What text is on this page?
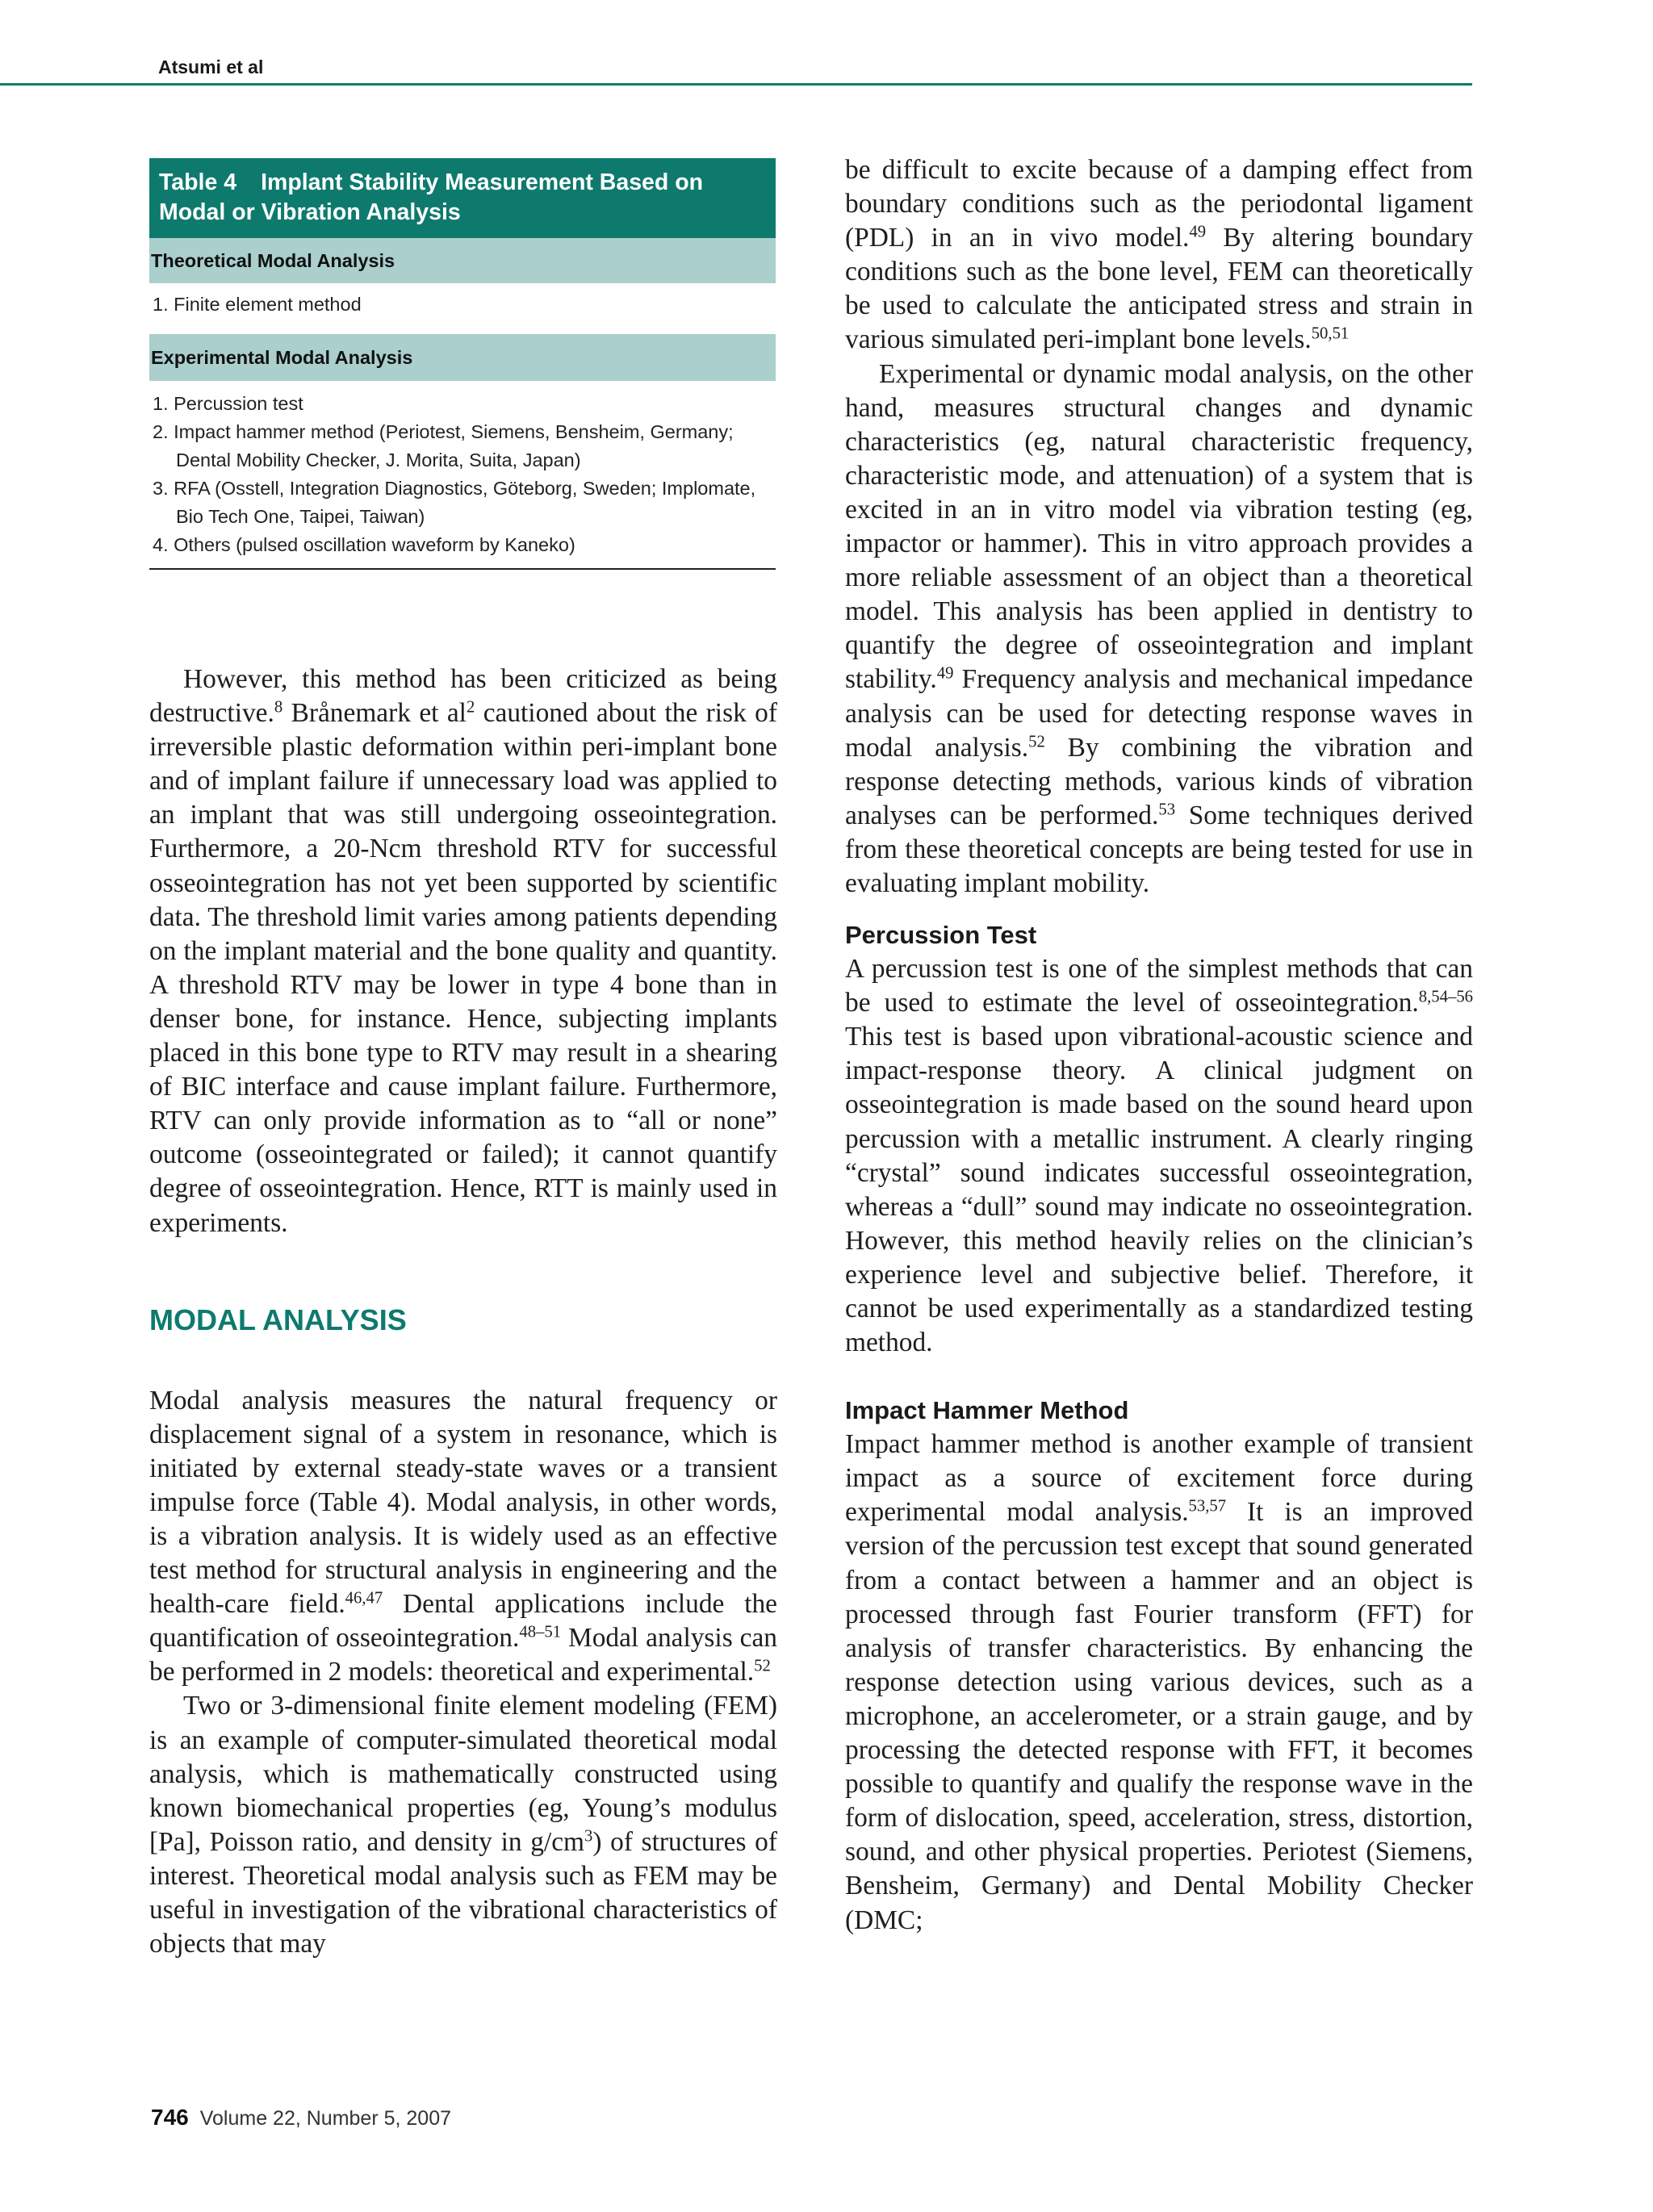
Atsumi et al
Table 4 Implant Stability Measurement Based on Modal or Vibration Analysis
Theoretical Modal Analysis
1. Finite element method
Experimental Modal Analysis
1. Percussion test
2. Impact hammer method (Periotest, Siemens, Bensheim, Germany; Dental Mobility Checker, J. Morita, Suita, Japan)
3. RFA (Osstell, Integration Diagnostics, Göteborg, Sweden; Implomate, Bio Tech One, Taipei, Taiwan)
4. Others (pulsed oscillation waveform by Kaneko)

However, this method has been criticized as being destructive.$^8$ Brånemark et $al^2$ cautioned about the risk of irreversible plastic deformation within peri-implant bone and of implant failure if unnecessary load was applied to an implant that was still undergoing osseointegration. Furthermore, a 20-Ncm threshold RTV for successful osseointegration has not yet been supported by scientific data. The threshold limit varies among patients depending on the implant material and the bone quality and quantity. A threshold RTV may be lower in type 4 bone than in denser bone, for instance. Hence, subjecting implants placed in this bone type to RTV may result in a shearing of BIC interface and cause implant failure. Furthermore, RTV can only provide information as to “all or none” outcome (osseointegrated or failed); it cannot quantify degree of osseointegration. Hence, RTT is mainly used in experiments.

MODAL ANALYSIS

Modal analysis measures the natural frequency or displacement signal of a system in resonance, which is initiated by external steady-state waves or a transient impulse force (Table 4). Modal analysis, in other words, is a vibration analysis. It is widely used as an effective test method for structural analysis in engineering and the health-care field.$^{46,47}$ Dental applications include the quantification of osseointegration.$^{48-51}$ Modal analysis can be performed in 2 models: theoretical and experimental.$^{52}$

Two or 3-dimensional finite element modeling (FEM) is an example of computer-simulated theoretical modal analysis, which is mathematically constructed using known biomechanical properties (eg, Young’s modulus [Pa], Poisson ratio, and density in $g/cm^3$) of structures of interest. Theoretical modal analysis such as FEM may be useful in investigation of the vibrational characteristics of objects that may

be difficult to excite because of a damping effect from boundary conditions such as the periodontal ligament (PDL) in an in vivo model.$^{49}$ By altering boundary conditions such as the bone level, FEM can theoretically be used to calculate the anticipated stress and strain in various simulated peri-implant bone levels.$^{50,51}$

Experimental or dynamic modal analysis, on the other hand, measures structural changes and dynamic characteristics (eg, natural characteristic frequency, characteristic mode, and attenuation) of a system that is excited in an in vitro model via vibration testing (eg, impactor or hammer). This in vitro approach provides a more reliable assessment of an object than a theoretical model. This analysis has been applied in dentistry to quantify the degree of osseointegration and implant stability.$^{49}$ Frequency analysis and mechanical impedance analysis can be used for detecting response waves in modal analysis.$^{52}$ By combining the vibration and response detecting methods, various kinds of vibration analyses can be performed.$^{53}$ Some techniques derived from these theoretical concepts are being tested for use in evaluating implant mobility.

Percussion Test

A percussion test is one of the simplest methods that can be used to estimate the level of osseointegration.$^{8,54-56}$ This test is based upon vibrational-acoustic science and impact-response theory. A clinical judgment on osseointegration is made based on the sound heard upon percussion with a metallic instrument. A clearly ringing “crystal” sound indicates successful osseointegration, whereas a “dull” sound may indicate no osseointegration. However, this method heavily relies on the clinician’s experience level and subjective belief. Therefore, it cannot be used experimentally as a standardized testing method.

Impact Hammer Method

Impact hammer method is another example of transient impact as a source of excitement force during experimental modal analysis.$^{53,57}$ It is an improved version of the percussion test except that sound generated from a contact between a hammer and an object is processed through fast Fourier transform (FFT) for analysis of transfer characteristics. By enhancing the response detection using various devices, such as a microphone, an accelerometer, or a strain gauge, and by processing the detected response with FFT, it becomes possible to quantify and qualify the response wave in the form of dislocation, speed, acceleration, stress, distortion, sound, and other physical properties. Periotest (Siemens, Bensheim, Germany) and Dental Mobility Checker (DMC;

746 Volume 22, Number 5, 2007
